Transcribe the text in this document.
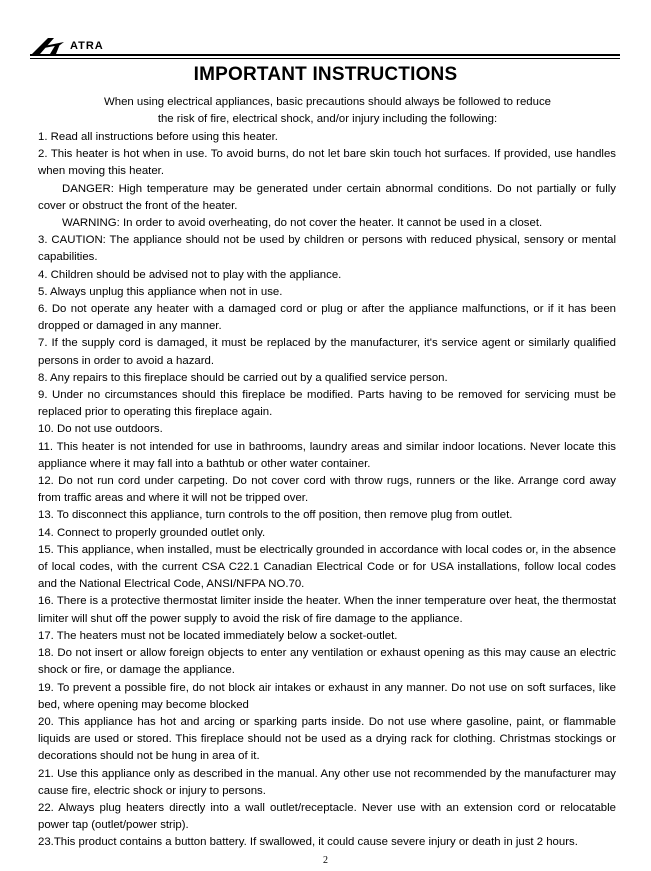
ATRA
IMPORTANT INSTRUCTIONS
When using electrical appliances, basic precautions should always be followed to reduce
the risk of fire, electrical shock, and/or injury including the following:

1. Read all instructions before using this heater.

2. This heater is hot when in use. To avoid burns, do not let bare skin touch hot surfaces. If provided, use handles when moving this heater.

DANGER: High temperature may be generated under certain abnormal conditions. Do not partially or fully cover or obstruct the front of the heater.

WARNING: In order to avoid overheating, do not cover the heater. It cannot be used in a closet.

3. CAUTION: The appliance should not be used by children or persons with reduced physical, sensory or mental capabilities.

4. Children should be advised not to play with the appliance.

5. Always unplug this appliance when not in use.

6. Do not operate any heater with a damaged cord or plug or after the appliance malfunctions, or if it has been dropped or damaged in any manner.

7. If the supply cord is damaged, it must be replaced by the manufacturer, it's service agent or similarly qualified persons in order to avoid a hazard.

8. Any repairs to this fireplace should be carried out by a qualified service person.

9. Under no circumstances should this fireplace be modified. Parts having to be removed for servicing must be replaced prior to operating this fireplace again.

10. Do not use outdoors.

11. This heater is not intended for use in bathrooms, laundry areas and similar indoor locations. Never locate this appliance where it may fall into a bathtub or other water container.

12. Do not run cord under carpeting. Do not cover cord with throw rugs, runners or the like. Arrange cord away from traffic areas and where it will not be tripped over.

13. To disconnect this appliance, turn controls to the off position, then remove plug from outlet.

14. Connect to properly grounded outlet only.

15. This appliance, when installed, must be electrically grounded in accordance with local codes or, in the absence of local codes, with the current CSA C22.1 Canadian Electrical Code or for USA installations, follow local codes and the National Electrical Code, ANSI/NFPA NO.70.

16. There is a protective thermostat limiter inside the heater. When the inner temperature over heat, the thermostat limiter will shut off the power supply to avoid the risk of fire damage to the appliance.

17. The heaters must not be located immediately below a socket-outlet.

18. Do not insert or allow foreign objects to enter any ventilation or exhaust opening as this may cause an electric shock or fire, or damage the appliance.

19. To prevent a possible fire, do not block air intakes or exhaust in any manner. Do not use on soft surfaces, like bed, where opening may become blocked

20. This appliance has hot and arcing or sparking parts inside. Do not use where gasoline, paint, or flammable liquids are used or stored. This fireplace should not be used as a drying rack for clothing. Christmas stockings or decorations should not be hung in area of it.

21. Use this appliance only as described in the manual. Any other use not recommended by the manufacturer may cause fire, electric shock or injury to persons.

22. Always plug heaters directly into a wall outlet/receptacle. Never use with an extension cord or relocatable power tap (outlet/power strip).

23.This product contains a button battery. If swallowed, it could cause severe injury or death in just 2 hours.

2
